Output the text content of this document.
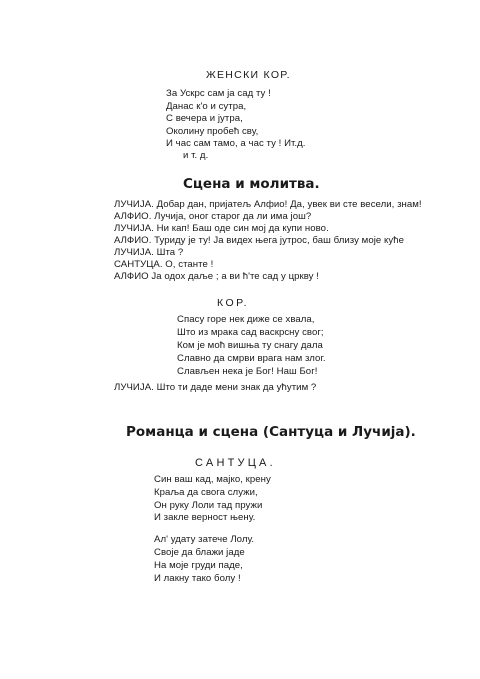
ЖЕНСКИ КОР.
За Ускрс сам ја сад ту !
Данас к'о и сутра,
С вечера и јутра,
Околину пробећ сву,
И час сам тамо, а час ту ! Ит.д.
и т. д.
Сцена и молитва.
ЛУЧИЈА. Добар дан, пријатељ Алфио! Да, увек ви сте весели, знам!
АЛФИО. Лучија, оног старог да ли има још?
ЛУЧИЈА. Ни кап! Баш оде син мој да купи ново.
АЛФИО. Туриду је ту! Ја видех њега јутрос, баш близу моје куће
ЛУЧИЈА. Шта ?
САНТУЦА. О, станте !
АЛФИО Ја одох даље ; а ви ћ'те сад у цркву !
КОР.
Спасу горе нек диже се хвала,
Што из мрака сад васкрсну свог;
Ком је моћ вишња ту снагу дала
Славно да смрви врага нам злог.
Слављен нека је Бог! Наш Бог!
ЛУЧИЈА. Што ти даде мени знак да ућутим ?
Романца и сцена (Сантуца и Лучија).
САНТУЦА.
Син ваш кад, мајко, крену
Краља да свога служи,
Он руку Лоли тад пружи
И закле верност њену.
Ал' удату затече Лолу.
Своје да блажи јаде
На моје груди паде,
И лакну тако болу !
